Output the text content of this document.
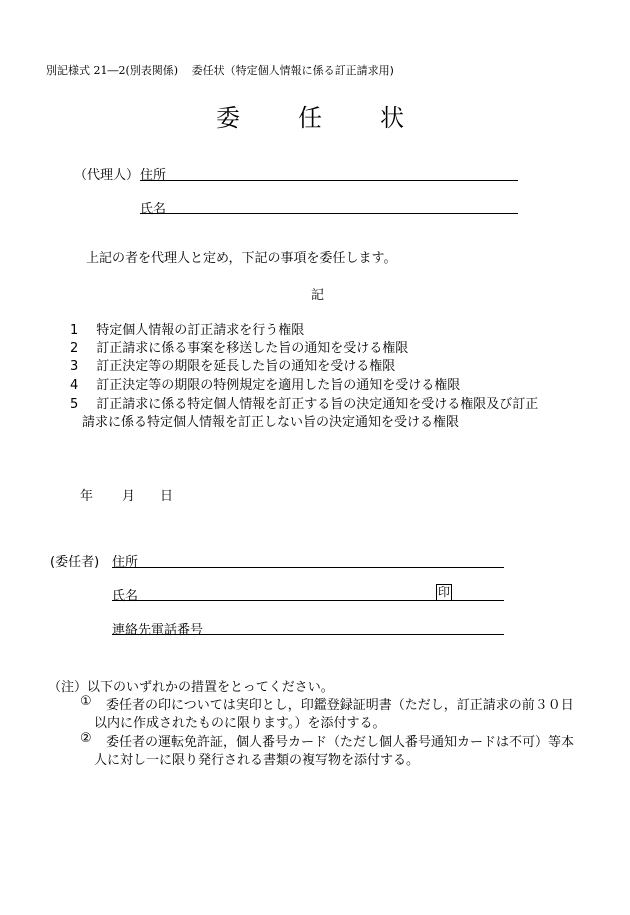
別記様式 21―2(別表関係) 委任状（特定個人情報に係る訂正請求用)
委 任 状
（代理人） 住所
氏名
上記の者を代理人と定め，下記の事項を委任します。
記
1 特定個人情報の訂正請求を行う権限
2 訂正請求に係る事案を移送した旨の通知を受ける権限
3 訂正決定等の期限を延長した旨の通知を受ける権限
4 訂正決定等の期限の特例規定を適用した旨の通知を受ける権限
5 訂正請求に係る特定個人情報を訂正する旨の決定通知を受ける権限及び訂正
請求に係る特定個人情報を訂正しない旨の決定通知を受ける権限
年 月 日
(委任者) 住所
氏名	印
連絡先電話番号
（注）以下のいずれかの措置をとってください。
① 委任者の印については実印とし，印鑑登録証明書（ただし，訂正請求の前３０日
以内に作成されたものに限ります。）を添付する。
② 委任者の運転免許証，個人番号カード（ただし個人番号通知カードは不可）等本
人に対し一に限り発行される書類の複写物を添付する。
